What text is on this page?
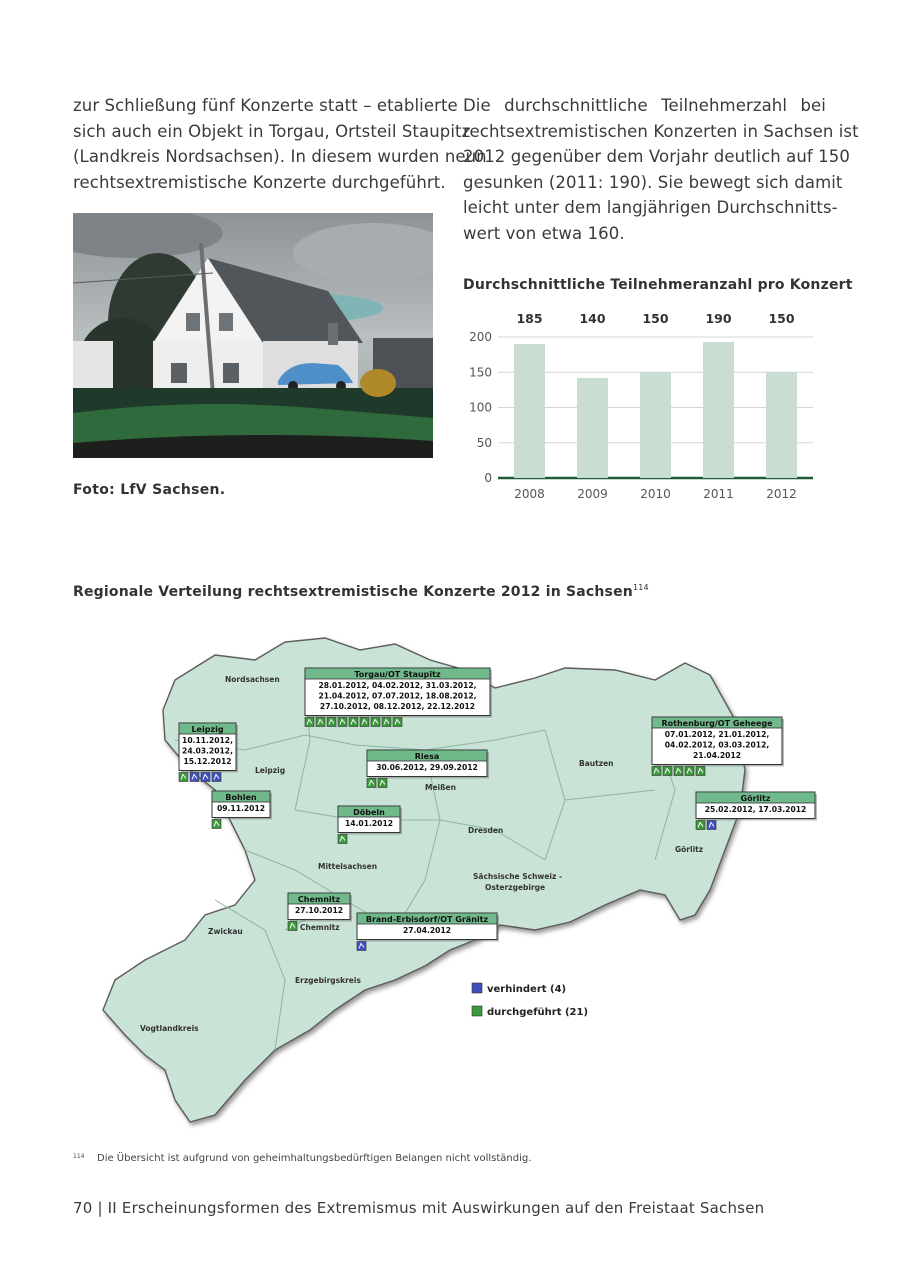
zur Schließung fünf Konzerte statt – etablierte
sich auch ein Objekt in Torgau, Ortsteil Staupitz
(Landkreis Nordsachsen). In diesem wurden neun
rechtsextremistische Konzerte durchgeführt.
Die durchschnittliche Teilnehmerzahl bei
rechtsextremistischen Konzerten in Sachsen ist
2012 gegenüber dem Vorjahr deutlich auf 150
gesunken (2011: 190). Sie bewegt sich damit
leicht unter dem langjährigen Durchschnitts-
wert von etwa 160.
Foto: LfV Sachsen.
Durchschnittliche Teilnehmeranzahl pro Konzert
0
50
100
150
200
2008
185
2009
140
2010
150
2011
190
2012
150
Regionale Verteilung rechtsextremistische Konzerte 2012 in Sachsen$^{114}$
Nordsachsen
Leipzig
Meißen
Bautzen
Dresden
Görlitz
Mittelsachsen
Sächsische Schweiz -
Osterzgebirge
Chemnitz
Zwickau
Erzgebirgskreis
Vogtlandkreis
Torgau/OT Staupitz
28.01.2012, 04.02.2012, 31.03.2012,
21.04.2012, 07.07.2012, 18.08.2012,
27.10.2012, 08.12.2012, 22.12.2012
Leipzig
10.11.2012,
24.03.2012,
15.12.2012
Rothenburg/OT Geheege
07.01.2012, 21.01.2012,
04.02.2012, 03.03.2012,
21.04.2012
Riesa
30.06.2012, 29.09.2012
Bohlen
09.11.2012
Görlitz
25.02.2012, 17.03.2012
Döbeln
14.01.2012
Chemnitz
27.10.2012
Brand-Erbisdorf/OT Gränitz
27.04.2012
verhindert (4)
durchgeführt (21)
114 Die Übersicht ist aufgrund von geheimhaltungsbedürftigen Belangen nicht vollständig.
70 | II Erscheinungsformen des Extremismus mit Auswirkungen auf den Freistaat Sachsen
